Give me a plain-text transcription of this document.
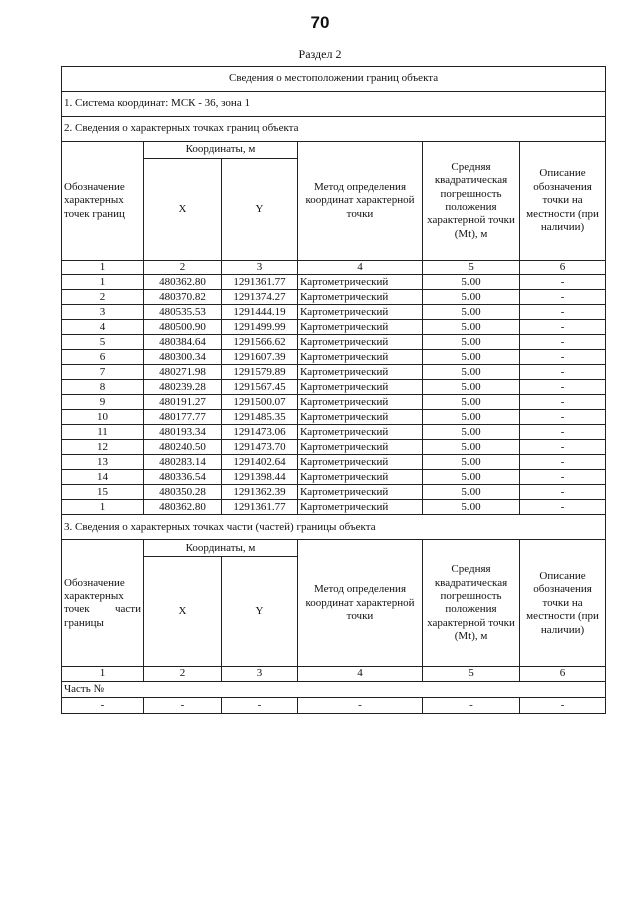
70
Раздел 2
Сведения о местоположении границ объекта					
1. Система координат: МСК - 36, зона 1					
2. Сведения о характерных точках границ объекта					
Обозначение характерных точек границ	Координаты, м		Метод определения координат характерной точки	Средняя квадратическая погрешность положения характерной точки (Mt), м	Описание обозначения точки на местности (при наличии)
	X	Y			
1	2	3	4	5	6
1	480362.80	1291361.77	Картометрический	5.00	-
2	480370.82	1291374.27	Картометрический	5.00	-
3	480535.53	1291444.19	Картометрический	5.00	-
4	480500.90	1291499.99	Картометрический	5.00	-
5	480384.64	1291566.62	Картометрический	5.00	-
6	480300.34	1291607.39	Картометрический	5.00	-
7	480271.98	1291579.89	Картометрический	5.00	-
8	480239.28	1291567.45	Картометрический	5.00	-
9	480191.27	1291500.07	Картометрический	5.00	-
10	480177.77	1291485.35	Картометрический	5.00	-
11	480193.34	1291473.06	Картометрический	5.00	-
12	480240.50	1291473.70	Картометрический	5.00	-
13	480283.14	1291402.64	Картометрический	5.00	-
14	480336.54	1291398.44	Картометрический	5.00	-
15	480350.28	1291362.39	Картометрический	5.00	-
1	480362.80	1291361.77	Картометрический	5.00	-
3. Сведения о характерных точках части (частей) границы объекта					
Обозначение характерных точек части границы	Координаты, м		Метод определения координат характерной точки	Средняя квадратическая погрешность положения характерной точки (Mt), м	Описание обозначения точки на местности (при наличии)
	X	Y			
1	2	3	4	5	6
Часть №					
-	-	-	-	-	-
